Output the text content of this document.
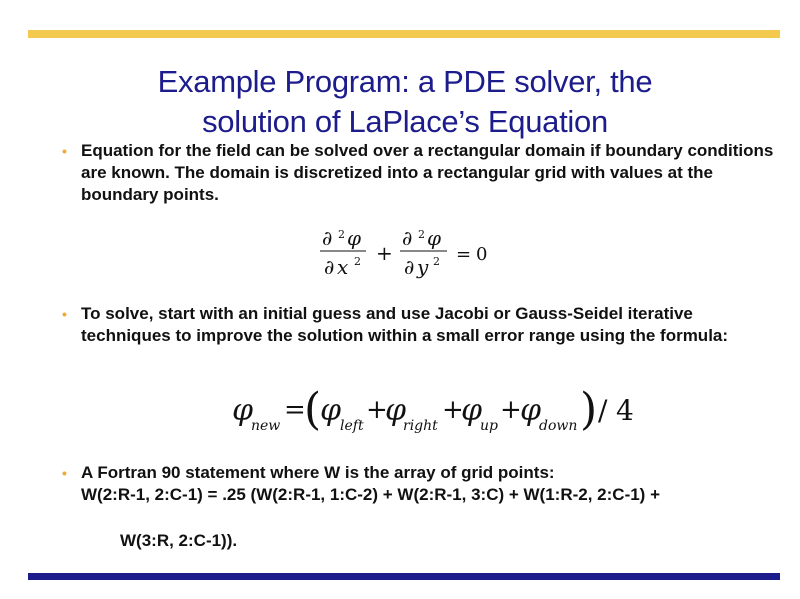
Example Program: a PDE solver, the
solution of LaPlace’s Equation
• Equation for the field can be solved over a rectangular domain if boundary conditions are known. The domain is discretized into a rectangular grid with values at the boundary points.
∂ 2 φ
∂ x 2 +
∂ 2 φ
∂ y 2 = 0
• To solve, start with an initial guess and use Jacobi or Gauss-Seidel iterative techniques to improve the solution within a small error range using the formula:
φ
new
=
(
φ
left
+
φ
right
+
φ
up
+
φ
down ) / 4
• A Fortran 90 statement where W is the array of grid points:
W(2:R-1, 2:C-1) = .25 (W(2:R-1, 1:C-2) + W(2:R-1, 3:C) + W(1:R-2, 2:C-1) +
W(3:R, 2:C-1)).
